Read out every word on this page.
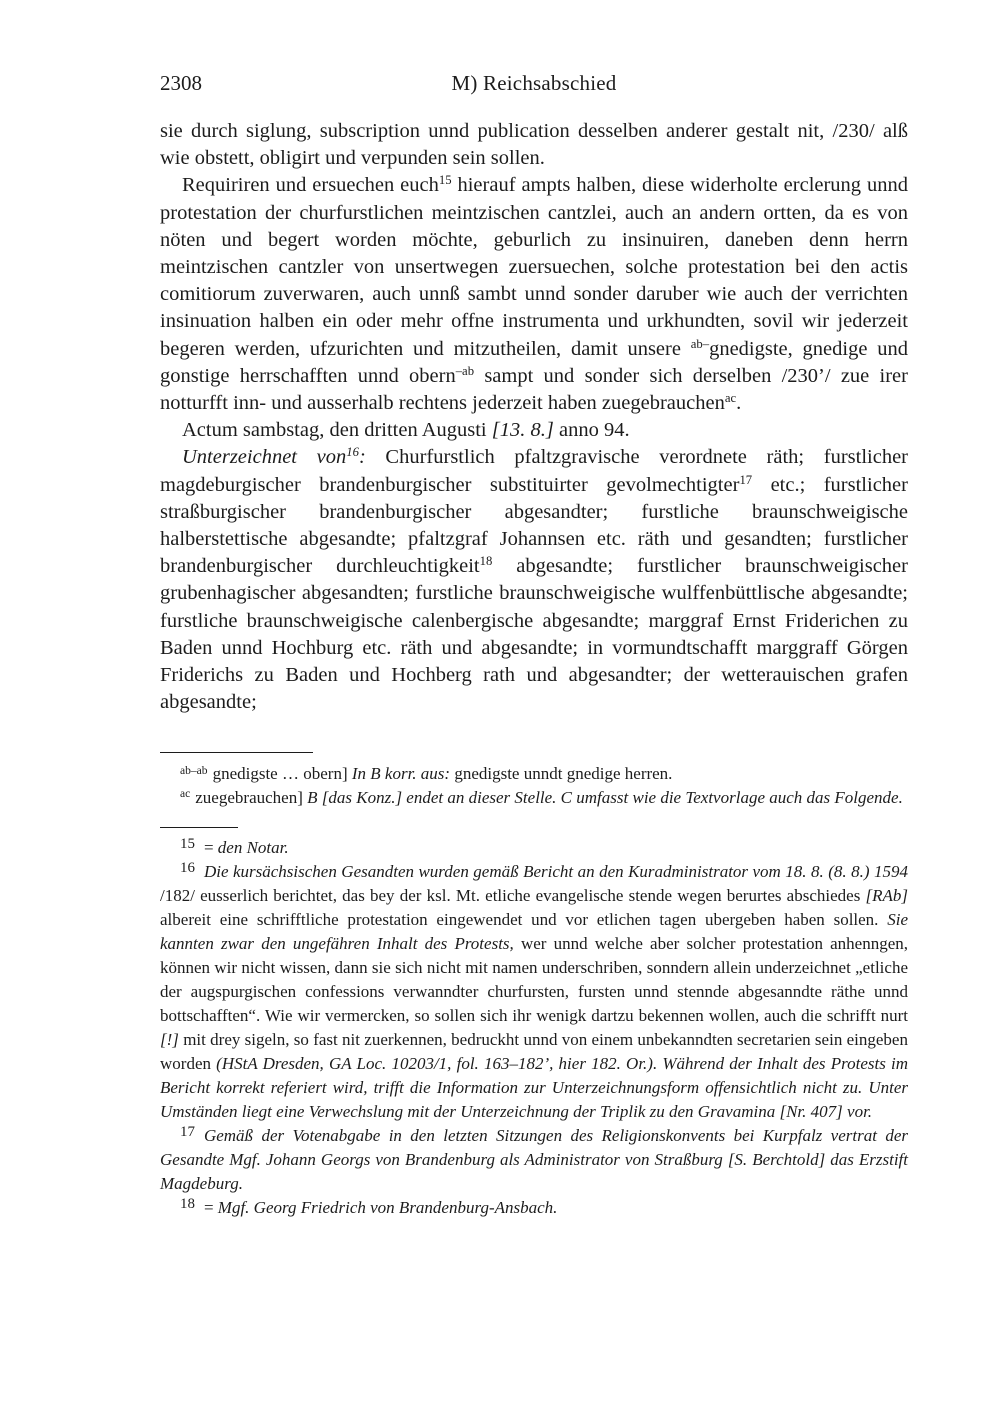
2308	M) Reichsabschied

sie durch siglung, subscription unnd publication desselben anderer gestalt nit, /230/ alß wie obstett, obligirt und verpunden sein sollen.

Requiriren und ersuechen euch$^{15}$ hierauf ampts halben, diese widerholte erclerung unnd protestation der churfurstlichen meintzischen cantzlei, auch an andern ortten, da es von nöten und begert worden möchte, geburlich zu insinuiren, daneben denn herrn meintzischen cantzler von unsertwegen zuersuechen, solche protestation bei den actis comitiorum zuverwaren, auch unnß sambt unnd sonder daruber wie auch der verrichten insinuation halben ein oder mehr offne instrumenta und urkhundten, sovil wir jederzeit begeren werden, ufzurichten und mitzutheilen, damit unsere $^{ab-}$gnedigste, gnedige und gonstige herrschafften unnd obern$^{-ab}$ sampt und sonder sich derselben /230’/ zue irer notturfft inn- und ausserhalb rechtens jederzeit haben zuegebrauchen$^{ac}$.

Actum sambstag, den dritten Augusti [13. 8.] anno 94.

Unterzeichnet von$^{16}$: Churfurstlich pfaltzgravische verordnete räth; furstlicher magdeburgischer brandenburgischer substituirter gevolmechtigter$^{17}$ etc.; furstlicher straßburgischer brandenburgischer abgesandter; furstliche braunschweigische halberstettische abgesandte; pfaltzgraf Johannsen etc. räth und gesandten; furstlicher brandenburgischer durchleuchtigkeit$^{18}$ abgesandte; furstlicher braunschweigischer grubenhagischer abgesandten; furstliche braunschweigische wulffenbüttlische abgesandte; furstliche braunschweigische calenbergische abgesandte; marggraf Ernst Friderichen zu Baden unnd Hochburg etc. räth und abgesandte; in vormundtschafft marggraff Görgen Friderichs zu Baden und Hochberg rath und abgesandter; der wetterauischen grafen abgesandte;

$^{ab-ab}$ gnedigste … obern] In B korr. aus: gnedigste unndt gnedige herren.

$^{ac}$ zuegebrauchen] B [das Konz.] endet an dieser Stelle. C umfasst wie die Textvorlage auch das Folgende.

$^{15}$ = den Notar.

$^{16}$ Die kursächsischen Gesandten wurden gemäß Bericht an den Kuradministrator vom 18. 8. (8. 8.) 1594 /182/ eusserlich berichtet, das bey der ksl. Mt. etliche evangelische stende wegen berurtes abschiedes [RAb] albereit eine schrifftliche protestation eingewendet und vor etlichen tagen ubergeben haben sollen. Sie kannten zwar den ungefähren Inhalt des Protests, wer unnd welche aber solcher protestation anhenngen, können wir nicht wissen, dann sie sich nicht mit namen underschriben, sonndern allein underzeichnet „etliche der augspurgischen confessions verwanndter churfursten, fursten unnd stennde abgesanndte räthe unnd bottschafften“. Wie wir vermercken, so sollen sich ihr wenigk dartzu bekennen wollen, auch die schrifft nurt [!] mit drey sigeln, so fast nit zuerkennen, bedruckht unnd von einem unbekanndten secretarien sein eingeben worden (HStA Dresden, GA Loc. 10203/1, fol. 163–182’, hier 182. Or.). Während der Inhalt des Protests im Bericht korrekt referiert wird, trifft die Information zur Unterzeichnungsform offensichtlich nicht zu. Unter Umständen liegt eine Verwechslung mit der Unterzeichnung der Triplik zu den Gravamina [Nr. 407] vor.

$^{17}$ Gemäß der Votenabgabe in den letzten Sitzungen des Religionskonvents bei Kurpfalz vertrat der Gesandte Mgf. Johann Georgs von Brandenburg als Administrator von Straßburg [S. Berchtold] das Erzstift Magdeburg.

$^{18}$ = Mgf. Georg Friedrich von Brandenburg-Ansbach.
